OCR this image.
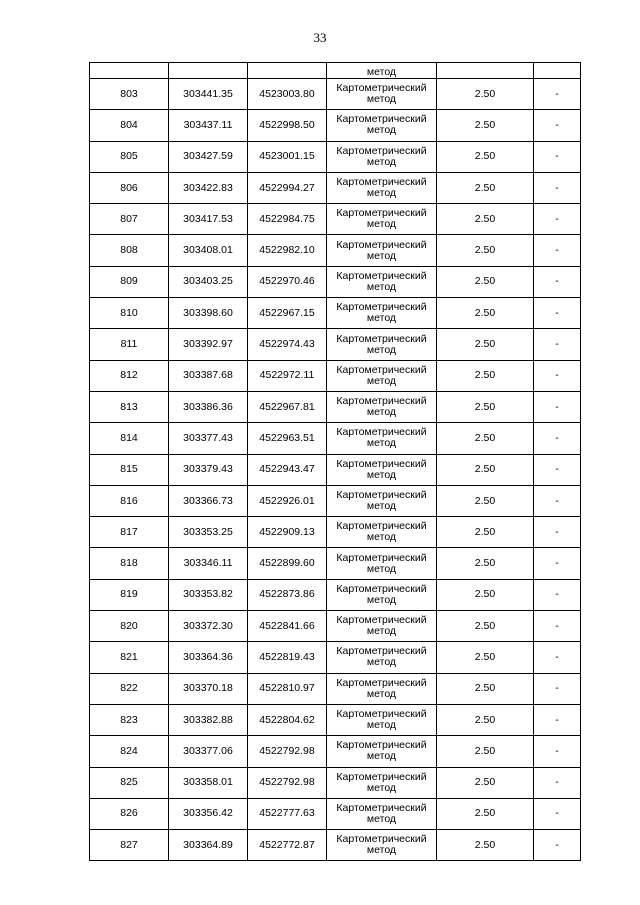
33
			метод		
803	303441.35	4523003.80	Картометрический
метод	2.50	-
804	303437.11	4522998.50	Картометрический
метод	2.50	-
805	303427.59	4523001.15	Картометрический
метод	2.50	-
806	303422.83	4522994.27	Картометрический
метод	2.50	-
807	303417.53	4522984.75	Картометрический
метод	2.50	-
808	303408.01	4522982.10	Картометрический
метод	2.50	-
809	303403.25	4522970.46	Картометрический
метод	2.50	-
810	303398.60	4522967.15	Картометрический
метод	2.50	-
811	303392.97	4522974.43	Картометрический
метод	2.50	-
812	303387.68	4522972.11	Картометрический
метод	2.50	-
813	303386.36	4522967.81	Картометрический
метод	2.50	-
814	303377.43	4522963.51	Картометрический
метод	2.50	-
815	303379.43	4522943.47	Картометрический
метод	2.50	-
816	303366.73	4522926.01	Картометрический
метод	2.50	-
817	303353.25	4522909.13	Картометрический
метод	2.50	-
818	303346.11	4522899.60	Картометрический
метод	2.50	-
819	303353.82	4522873.86	Картометрический
метод	2.50	-
820	303372.30	4522841.66	Картометрический
метод	2.50	-
821	303364.36	4522819.43	Картометрический
метод	2.50	-
822	303370.18	4522810.97	Картометрический
метод	2.50	-
823	303382.88	4522804.62	Картометрический
метод	2.50	-
824	303377.06	4522792.98	Картометрический
метод	2.50	-
825	303358.01	4522792.98	Картометрический
метод	2.50	-
826	303356.42	4522777.63	Картометрический
метод	2.50	-
827	303364.89	4522772.87	Картометрический
метод	2.50	-
